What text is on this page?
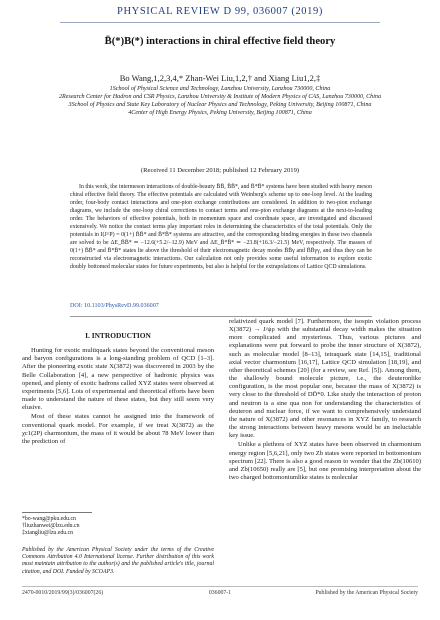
PHYSICAL REVIEW D 99, 036007 (2019)
B̄(*)B(*) interactions in chiral effective field theory
Bo Wang,1,2,3,4,* Zhan-Wei Liu,1,2,† and Xiang Liu1,2,‡
1School of Physical Science and Technology, Lanzhou University, Lanzhou 730000, China
2Research Center for Hadron and CSR Physics, Lanzhou University & Institute of Modern Physics of CAS, Lanzhou 730000, China
3School of Physics and State Key Laboratory of Nuclear Physics and Technology, Peking University, Beijing 100871, China
4Center of High Energy Physics, Peking University, Beijing 100871, China
(Received 11 December 2018; published 12 February 2019)
In this work, the intermeson interactions of double-beauty B̄B̄, B̄B̄*, and B̄*B̄* systems have been studied with heavy meson chiral effective field theory. The effective potentials are calculated with Weinberg's scheme up to one-loop level. At the leading order, four-body contact interactions and one-pion exchange contributions are considered. In addition to two-pion exchange diagrams, we include the one-loop chiral corrections to contact terms and one-pion exchange diagrams at the next-to-leading order. The behaviors of effective potentials, both in momentum space and coordinate space, are investigated and discussed extensively. We notice the contact terms play important roles in determining the characteristics of the total potentials. Only the potentials in I(J^P) = 0(1+) B̄B̄* and B̄*B̄* systems are attractive, and the corresponding binding energies in these two channels are solved to be ΔE_B̄B̄* ≃ −12.6(+5.2/−12.9) MeV and ΔE_B̄*B̄* ≃ −23.8(+16.3/−21.5) MeV, respectively. The masses of 0(1+) B̄B̄* and B̄*B̄* states lie above the threshold of their electromagnetic decay modes B̄B̄γ and B̄B̄γγ, and thus they can be reconstructed via electromagnetic interactions. Our calculation not only provides some useful information to explore exotic doubly bottomed molecular states for future experiments, but also is helpful for the extrapolations of Lattice QCD simulations.
DOI: 10.1103/PhysRevD.99.036007
I. INTRODUCTION

Hunting for exotic multiquark states beyond the conventional meson and baryon configurations is a long-standing problem of QCD [1–3]. After the pioneering exotic state X(3872) was discovered in 2003 by the Belle Collaboration [4], a new perspective of hadronic physics was opened, and plenty of exotic hadrons called XYZ states were observed at experiments [5,6]. Lots of experimental and theoretical efforts have been made to understand the nature of these states, but they still seem very elusive.

Most of these states cannot be assigned into the framework of conventional quark model. For example, if we treat X(3872) as the χc1(2P) charmonium, the mass of it would be about 78 MeV lower than the prediction of

relativized quark model [7]. Furthermore, the isospin violation process X(3872) → J/ψρ with the substantial decay width makes the situation more complicated and mysterious. Thus, various pictures and explanations were put forward to probe the inner structure of X(3872), such as molecular model [8–13], tetraquark state [14,15], traditional axial vector charmonium [16,17], Lattice QCD simulation [18,19], and other theoretical schemes [20] (for a review, see Ref. [5]). Among them, the shallowly bound molecule picture, i.e., the deuteronlike configuration, is the most popular one, because the mass of X(3872) is very close to the threshold of DD̄*0. Like study the interaction of proton and neutron is a sine qua non for understanding the characteristics of deuteron and nuclear force, if we want to comprehensively understand the nature of X(3872) and other resonances in XYZ family, to research the strong interactions between heavy mesons would be an ineluctable key issue.

Unlike a plethora of XYZ states have been observed in charmonium energy region [5,6,21], only two Zb states were reported in bottomonium spectrum [22]. There is also a good reason to wonder that the Zb(10610) and Zb(10650) really are [5], but one promising interpretation about the two charged bottomoniumlike states is molecular

*bo-wang@pku.edu.cn
†liuzhanwei@lzu.edu.cn
‡xiangliu@lzu.edu.cn
Published by the American Physical Society under the terms of the Creative Commons Attribution 4.0 International license. Further distribution of this work must maintain attribution to the author(s) and the published article's title, journal citation, and DOI. Funded by SCOAP3.
2470-0010/2019/99(3)/036007(26)	036007-1	Published by the American Physical Society
